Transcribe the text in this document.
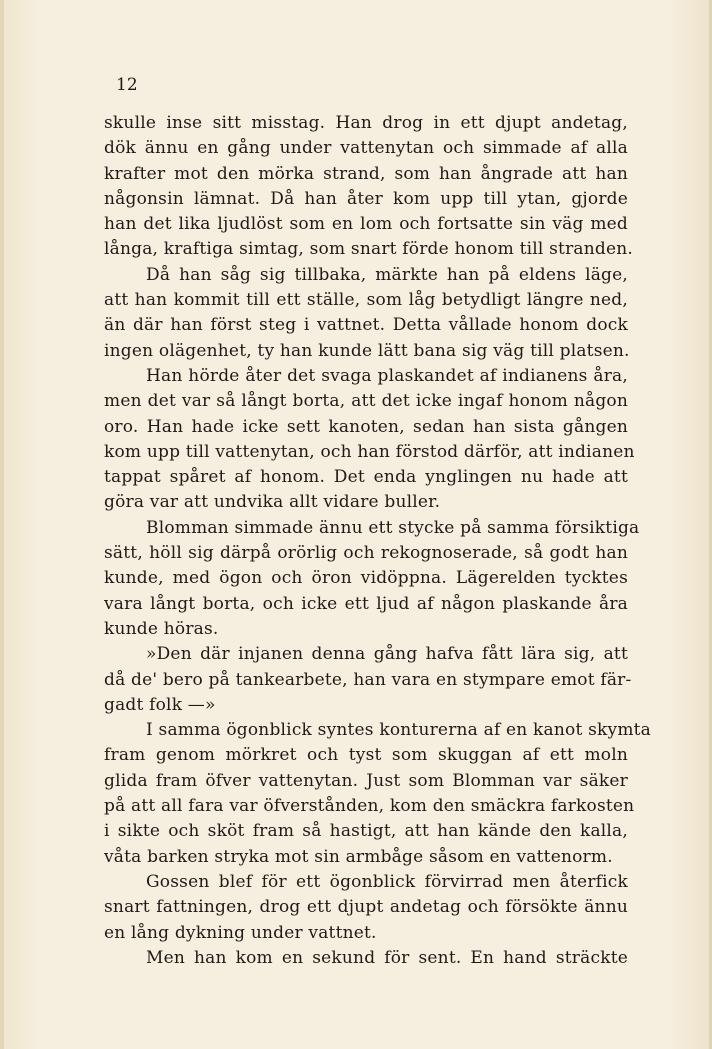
12
skulle inse sitt misstag. Han drog in ett djupt andetag,
dök ännu en gång under vattenytan och simmade af alla
krafter mot den mörka strand, som han ångrade att han
någonsin lämnat. Då han åter kom upp till ytan, gjorde
han det lika ljudlöst som en lom och fortsatte sin väg med
långa, kraftiga simtag, som snart förde honom till stranden.
Då han såg sig tillbaka, märkte han på eldens läge,
att han kommit till ett ställe, som låg betydligt längre ned,
än där han först steg i vattnet. Detta vållade honom dock
ingen olägenhet, ty han kunde lätt bana sig väg till platsen.
Han hörde åter det svaga plaskandet af indianens åra,
men det var så långt borta, att det icke ingaf honom någon
oro. Han hade icke sett kanoten, sedan han sista gången
kom upp till vattenytan, och han förstod därför, att indianen
tappat spåret af honom. Det enda ynglingen nu hade att
göra var att undvika allt vidare buller.
Blomman simmade ännu ett stycke på samma försiktiga
sätt, höll sig därpå orörlig och rekognoserade, så godt han
kunde, med ögon och öron vidöppna. Lägerelden tycktes
vara långt borta, och icke ett ljud af någon plaskande åra
kunde höras.
»Den där injanen denna gång hafva fått lära sig, att
då de' bero på tankearbete, han vara en stympare emot fär-
gadt folk —»
I samma ögonblick syntes konturerna af en kanot skymta
fram genom mörkret och tyst som skuggan af ett moln
glida fram öfver vattenytan. Just som Blomman var säker
på att all fara var öfverstånden, kom den smäckra farkosten
i sikte och sköt fram så hastigt, att han kände den kalla,
våta barken stryka mot sin armbåge såsom en vattenorm.
Gossen blef för ett ögonblick förvirrad men återfick
snart fattningen, drog ett djupt andetag och försökte ännu
en lång dykning under vattnet.
Men han kom en sekund för sent. En hand sträckte
